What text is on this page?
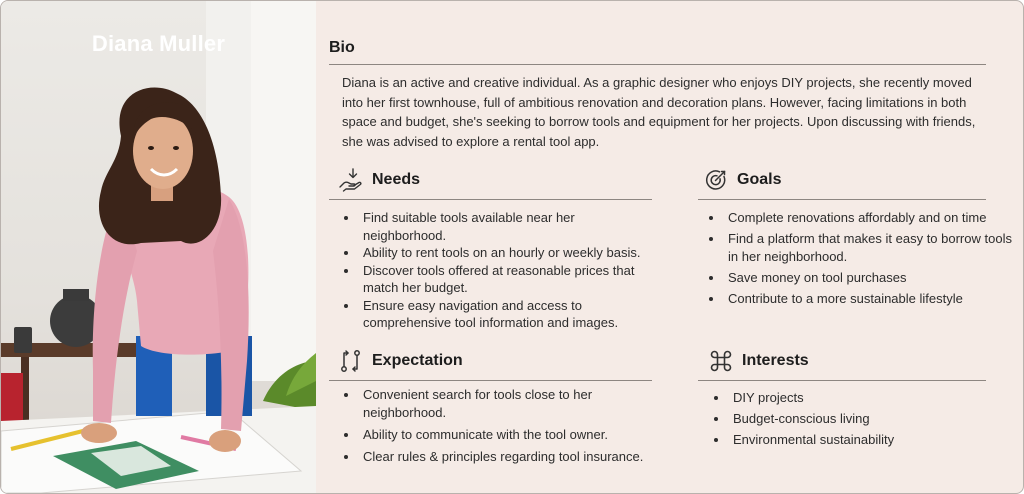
Diana Muller	Bio
Diana is an active and creative individual. As a graphic designer who enjoys DIY projects, she recently moved into her first townhouse, full of ambitious renovation and decoration plans. However, facing limitations in both space and budget, she's seeking to borrow tools and equipment for her projects. Upon discussing with friends, she was advised to explore a rental tool app.
Needs
• Find suitable tools available near her neighborhood.
• Ability to rent tools on an hourly or weekly basis.
• Discover tools offered at reasonable prices that match her budget.
• Ensure easy navigation and access to comprehensive tool information and images.
Goals
• Complete renovations affordably and on time
• Find a platform that makes it easy to borrow tools in her neighborhood.
• Save money on tool purchases
• Contribute to a more sustainable lifestyle
Expectation
• Convenient search for tools close to her neighborhood.
• Ability to communicate with the tool owner.
• Clear rules & principles regarding tool insurance.
Interests
• DIY projects
• Budget-conscious living
• Environmental sustainability
